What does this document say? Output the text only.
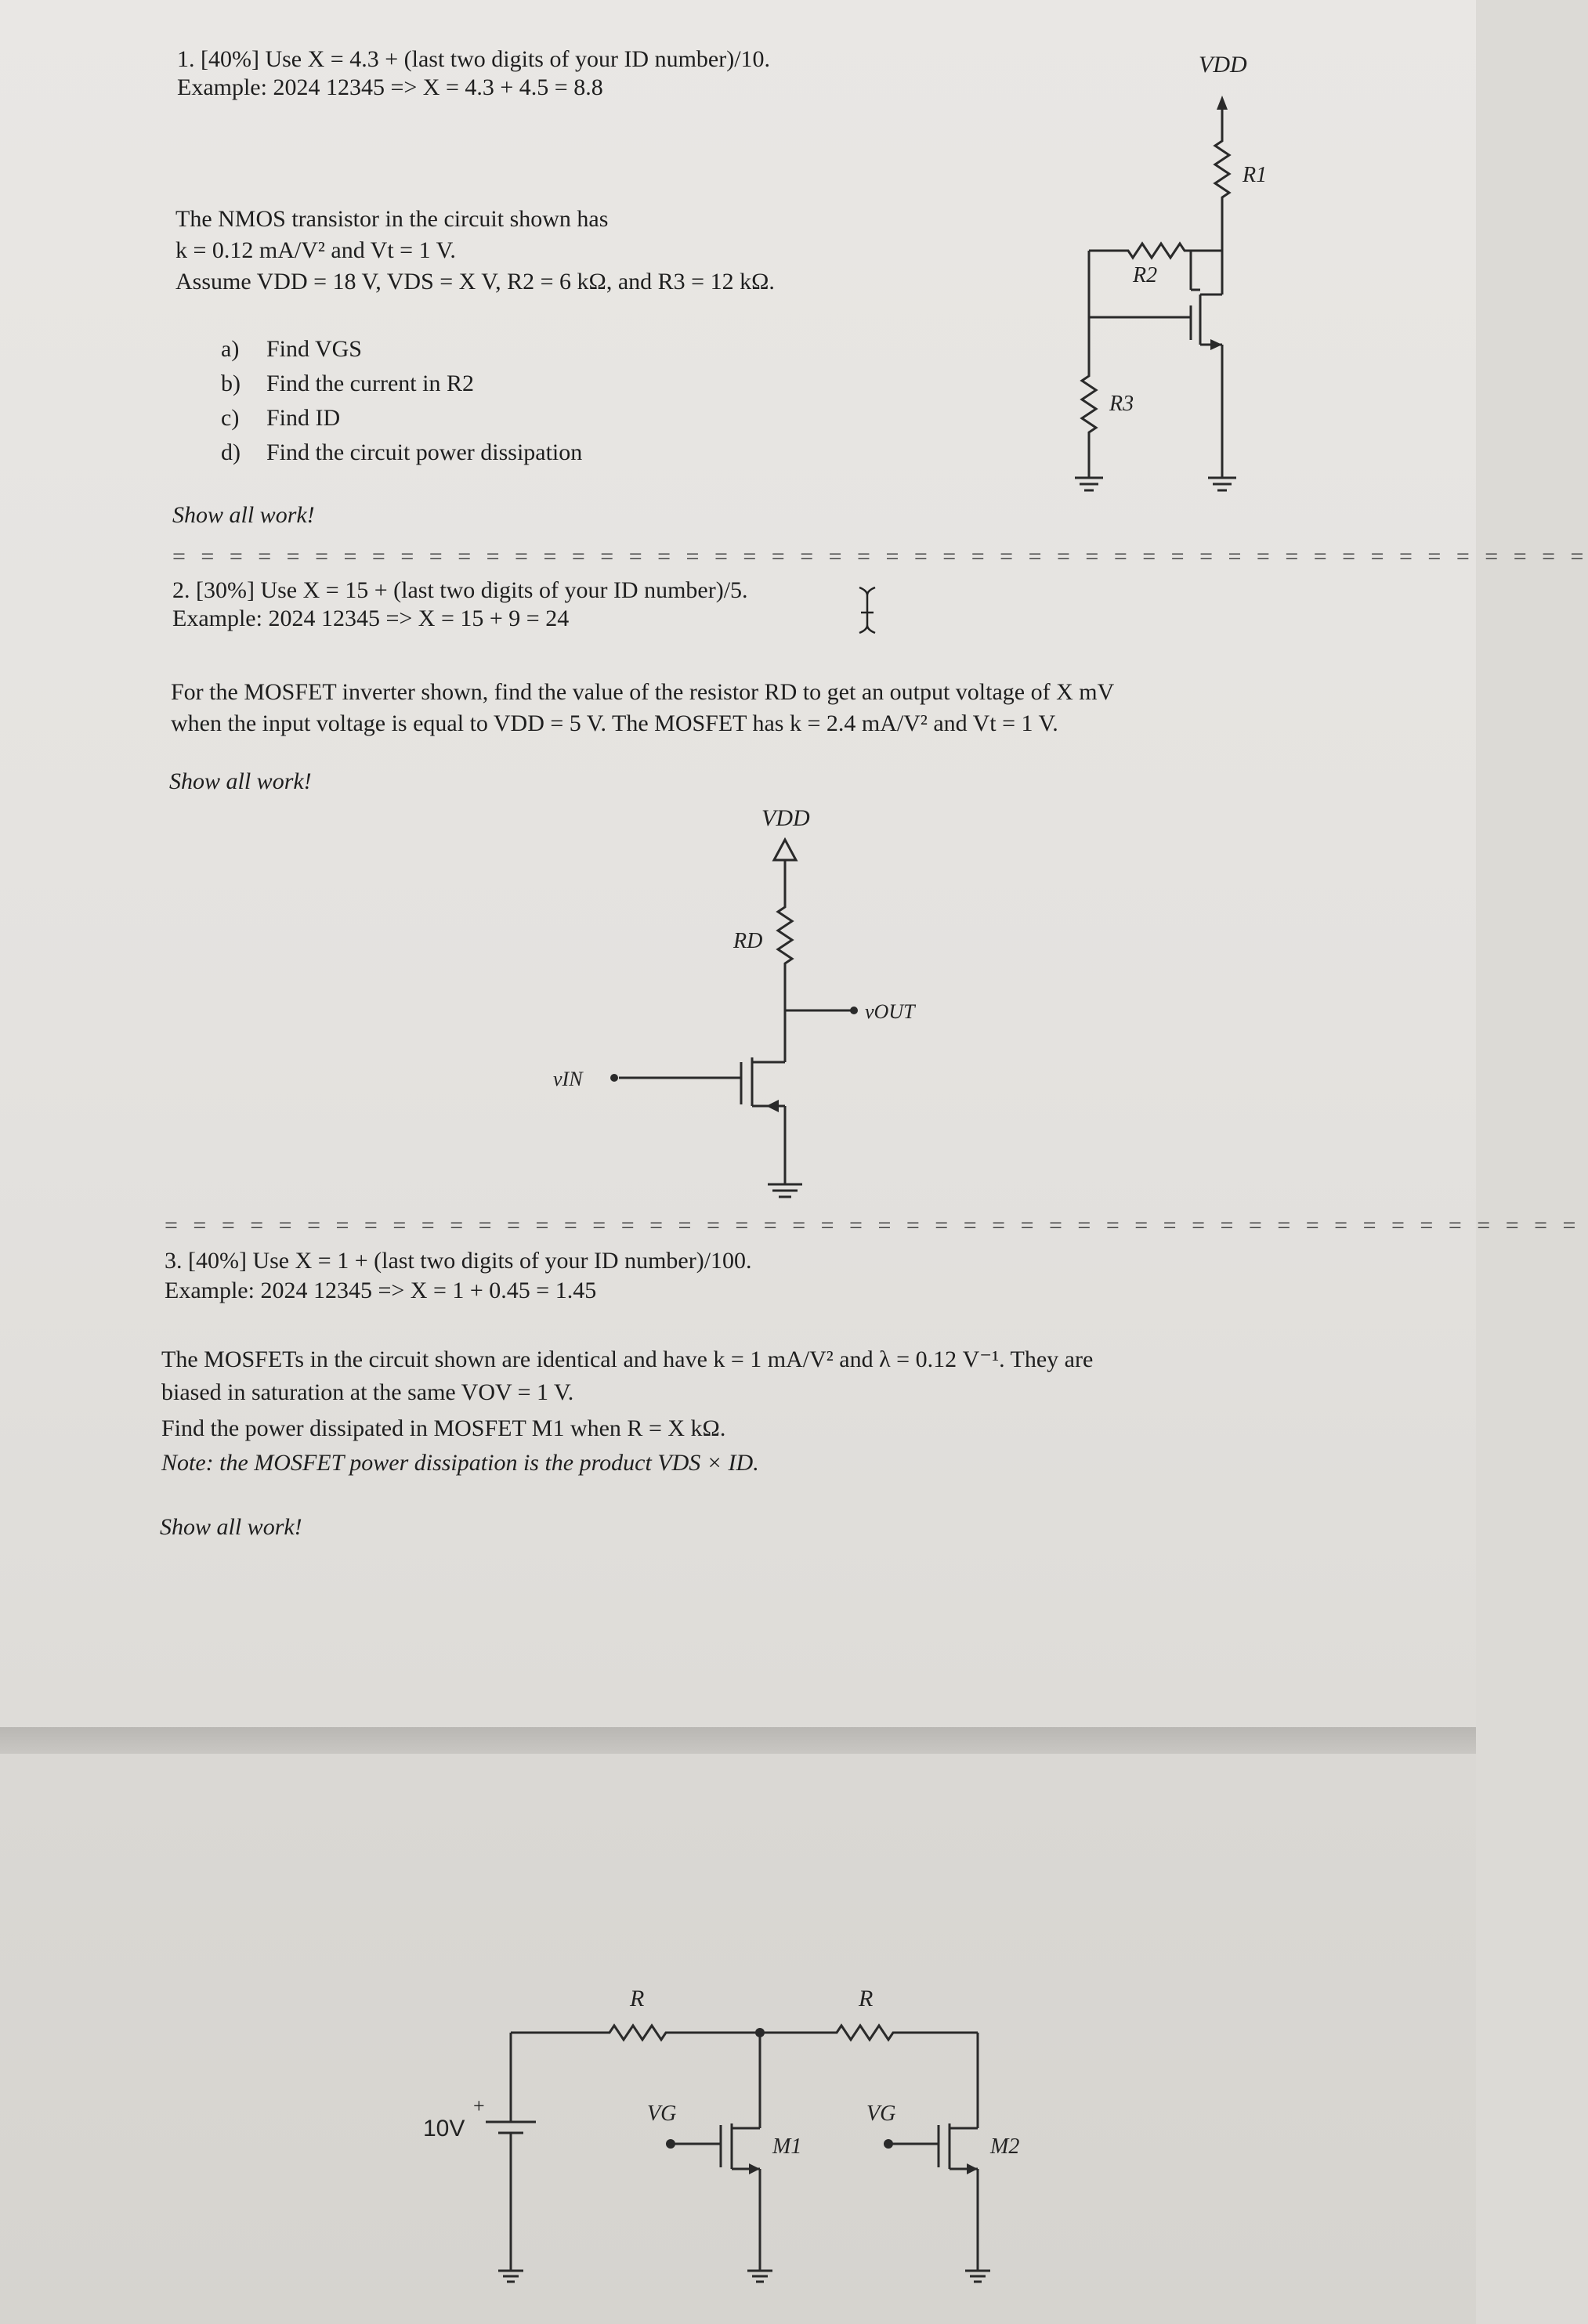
1. [40%] Use X = 4.3 + (last two digits of your ID number)/10.
Example: 2024 12345 => X = 4.3 + 4.5 = 8.8
The NMOS transistor in the circuit shown has
k = 0.12 mA/V² and Vt = 1 V.
Assume VDD = 18 V, VDS = X V, R2 = 6 kΩ, and R3 = 12 kΩ.
a) Find VGS
b) Find the current in R2
c) Find ID
d) Find the circuit power dissipation
Show all work!
VDD
R1
R2
R3
= = = = = = = = = = = = = = = = = = = = = = = = = = = = = = = = = = = = = = = = = = = = = = = = = =
2. [30%] Use X = 15 + (last two digits of your ID number)/5.
Example: 2024 12345 => X = 15 + 9 = 24
For the MOSFET inverter shown, find the value of the resistor RD to get an output voltage of X mV
when the input voltage is equal to VDD = 5 V. The MOSFET has k = 2.4 mA/V² and Vt = 1 V.
Show all work!
VDD
RD
vOUT
vIN
= = = = = = = = = = = = = = = = = = = = = = = = = = = = = = = = = = = = = = = = = = = = = = = = = =
3. [40%] Use X = 1 + (last two digits of your ID number)/100.
Example: 2024 12345 => X = 1 + 0.45 = 1.45
The MOSFETs in the circuit shown are identical and have k = 1 mA/V² and λ = 0.12 V⁻¹. They are
biased in saturation at the same VOV = 1 V.
Find the power dissipated in MOSFET M1 when R = X kΩ.
Note: the MOSFET power dissipation is the product VDS × ID.
Show all work!
10V
+
R	R
VG	VG
M1	M2
